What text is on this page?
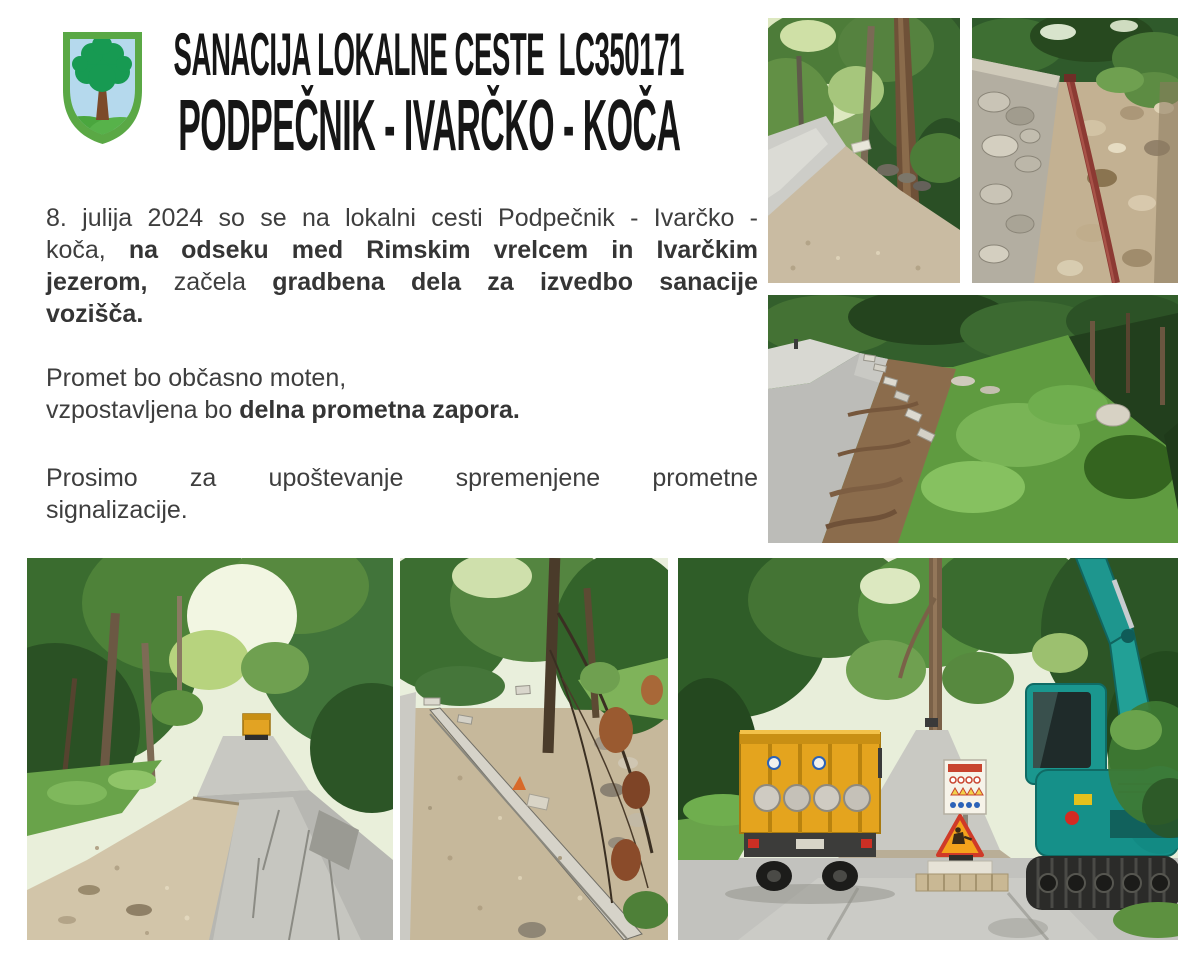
SANACIJA LOKALNE CESTE  LC350171
PODPEČNIK - IVARČKO - KOČA
8. julija 2024 so se na lokalni cesti Podpečnik - Ivarčko -
koča, na odseku med Rimskim vrelcem in Ivarčkim
jezerom, začela gradbena dela za izvedbo sanacije
vozišča.
Promet bo občasno moten,
vzpostavljena bo delna prometna zapora.
Prosimo za upoštevanje spremenjene prometne
signalizacije.
